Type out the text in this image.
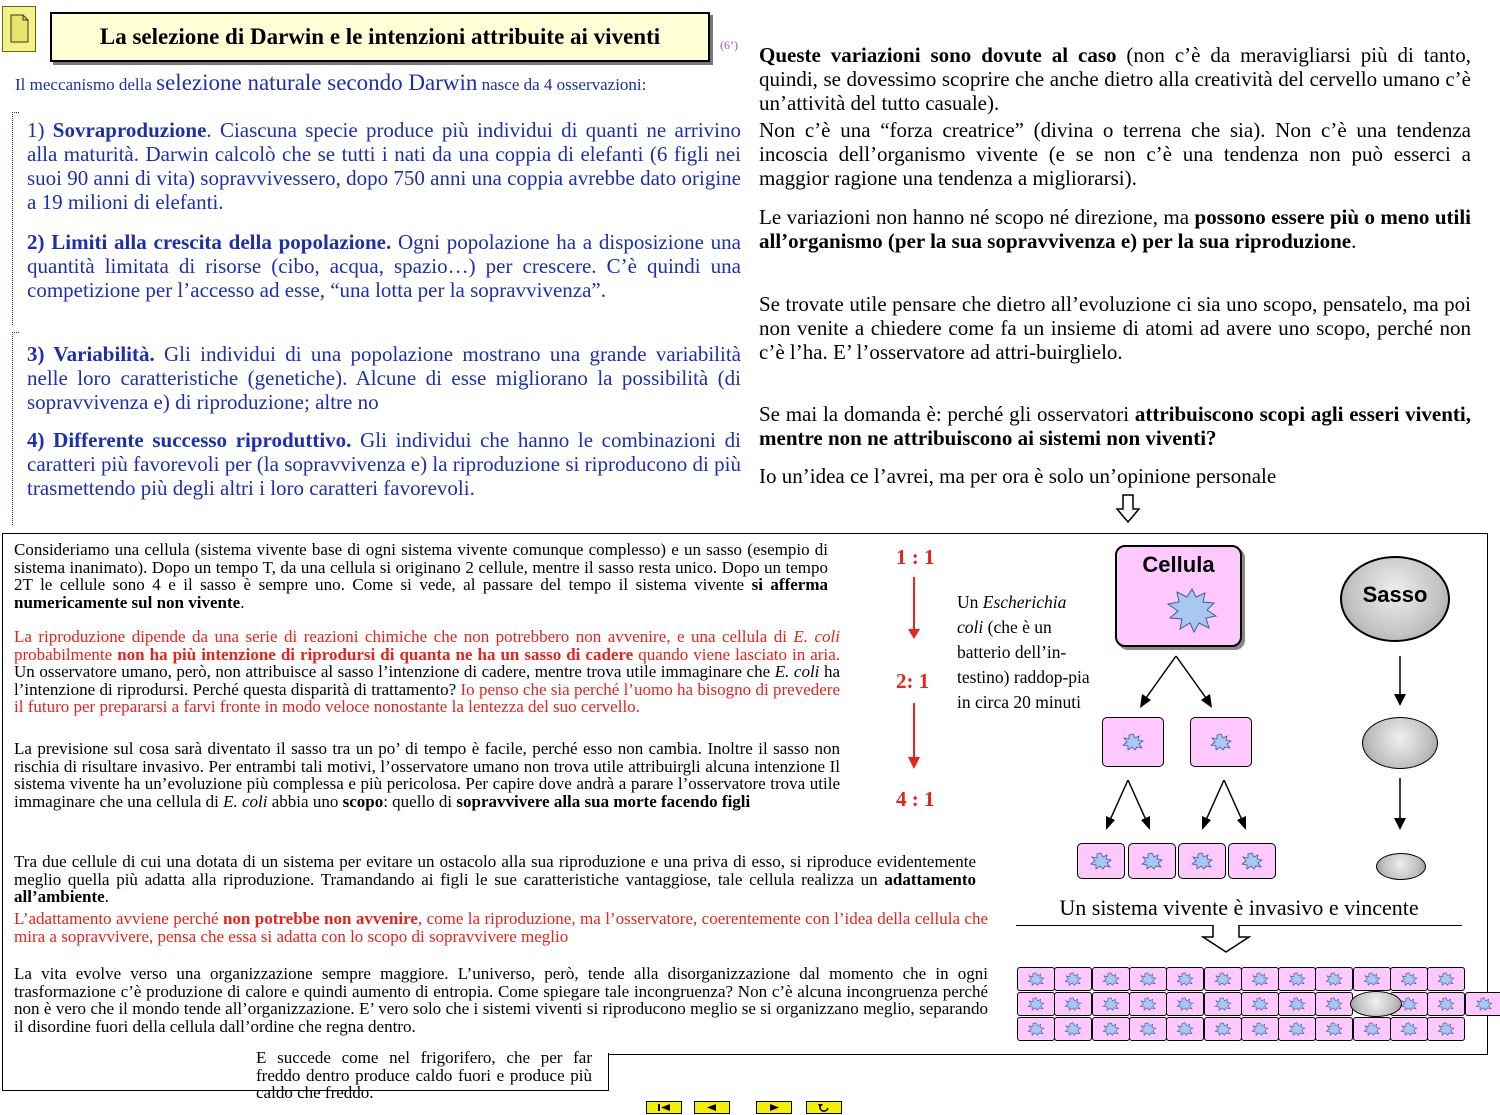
La selezione di Darwin e le intenzioni attribuite ai viventi	(6’)
Il meccanismo della selezione naturale secondo Darwin nasce da 4 osservazioni:
1) Sovraproduzione. Ciascuna specie produce più individui di quanti ne arrivino alla maturità. Darwin calcolò che se tutti i nati da una coppia di elefanti (6 figli nei suoi 90 anni di vita) sopravvivessero, dopo 750 anni una coppia avrebbe dato origine a 19 milioni di elefanti.
2) Limiti alla crescita della popolazione. Ogni popolazione ha a disposizione una quantità limitata di risorse (cibo, acqua, spazio…) per crescere. C’è quindi una competizione per l’accesso ad esse, “una lotta per la sopravvivenza”.
3) Variabilità. Gli individui di una popolazione mostrano una grande variabilità nelle loro caratteristiche (genetiche). Alcune di esse migliorano la possibilità (di sopravvivenza e) di riproduzione; altre no
4) Differente successo riproduttivo. Gli individui che hanno le combinazioni di caratteri più favorevoli per (la sopravvivenza e) la riproduzione si riproducono di più trasmettendo più degli altri i loro caratteri favorevoli.
Queste variazioni sono dovute al caso (non c’è da meravigliarsi più di tanto, quindi, se dovessimo scoprire che anche dietro alla creatività del cervello umano c’è un’attività del tutto casuale).
Non c’è una “forza creatrice” (divina o terrena che sia). Non c’è una tendenza incoscia dell’organismo vivente (e se non c’è una tendenza non può esserci a maggior ragione una tendenza a migliorarsi).
Le variazioni non hanno né scopo né direzione, ma possono essere più o meno utili all’organismo (per la sua sopravvivenza e) per la sua riproduzione.
Se trovate utile pensare che dietro all’evoluzione ci sia uno scopo, pensatelo, ma poi non venite a chiedere come fa un insieme di atomi ad avere uno scopo, perché non c’è l’ha. E’ l’osservatore ad attri-buirglielo.
Se mai la domanda è: perché gli osservatori attribuiscono scopi agli esseri viventi, mentre non ne attribuiscono ai sistemi non viventi?
Io un’idea ce l’avrei, ma per ora è solo un’opinione personale
Consideriamo una cellula (sistema vivente base di ogni sistema vivente comunque complesso) e un sasso (esempio di sistema inanimato). Dopo un tempo T, da una cellula si originano 2 cellule, mentre il sasso resta unico. Dopo un tempo 2T le cellule sono 4 e il sasso è sempre uno. Come si vede, al passare del tempo il sistema vivente si afferma numericamente sul non vivente.
La riproduzione dipende da una serie di reazioni chimiche che non potrebbero non avvenire, e una cellula di E. coli probabilmente non ha più intenzione di riprodursi di quanta ne ha un sasso di cadere quando viene lasciato in aria. Un osservatore umano, però, non attribuisce al sasso l’intenzione di cadere, mentre trova utile immaginare che E. coli ha l’intenzione di riprodursi. Perché questa disparità di trattamento? Io penso che sia perché l’uomo ha bisogno di prevedere il futuro per prepararsi a farvi fronte in modo veloce nonostante la lentezza del suo cervello.
La previsione sul cosa sarà diventato il sasso tra un po’ di tempo è facile, perché esso non cambia. Inoltre il sasso non rischia di risultare invasivo. Per entrambi tali motivi, l’osservatore umano non trova utile attribuirgli alcuna intenzione Il sistema vivente ha un’evoluzione più complessa e più pericolosa. Per capire dove andrà a parare l’osservatore trova utile immaginare che una cellula di E. coli abbia uno scopo: quello di sopravvivere alla sua morte facendo figli
Tra due cellule di cui una dotata di un sistema per evitare un ostacolo alla sua riproduzione e una priva di esso, si riproduce evidentemente meglio quella più adatta alla riproduzione. Tramandando ai figli le sue caratteristiche vantaggiose, tale cellula realizza un adattamento all’ambiente.
L’adattamento avviene perché non potrebbe non avvenire, come la riproduzione, ma l’osservatore, coerentemente con l’idea della cellula che mira a sopravvivere, pensa che essa si adatta con lo scopo di sopravvivere meglio
La vita evolve verso una organizzazione sempre maggiore. L’universo, però, tende alla disorganizzazione dal momento che in ogni trasformazione c’è produzione di calore e quindi aumento di entropia. Come spiegare tale incongruenza? Non c’è alcuna incongruenza perché non è vero che il mondo tende all’organizzazione. E’ vero solo che i sistemi viventi si riproducono meglio se si organizzano meglio, separando il disordine fuori della cellula dall’ordine che regna dentro.
E succede come nel frigorifero, che per far freddo dentro produce caldo fuori e produce più caldo che freddo.
1 : 1
2: 1
4 : 1
Un Escherichia coli (che è un batterio dell’in-testino) raddop-pia in circa 20 minuti
Cellula
Sasso
Un sistema vivente è invasivo e vincente
